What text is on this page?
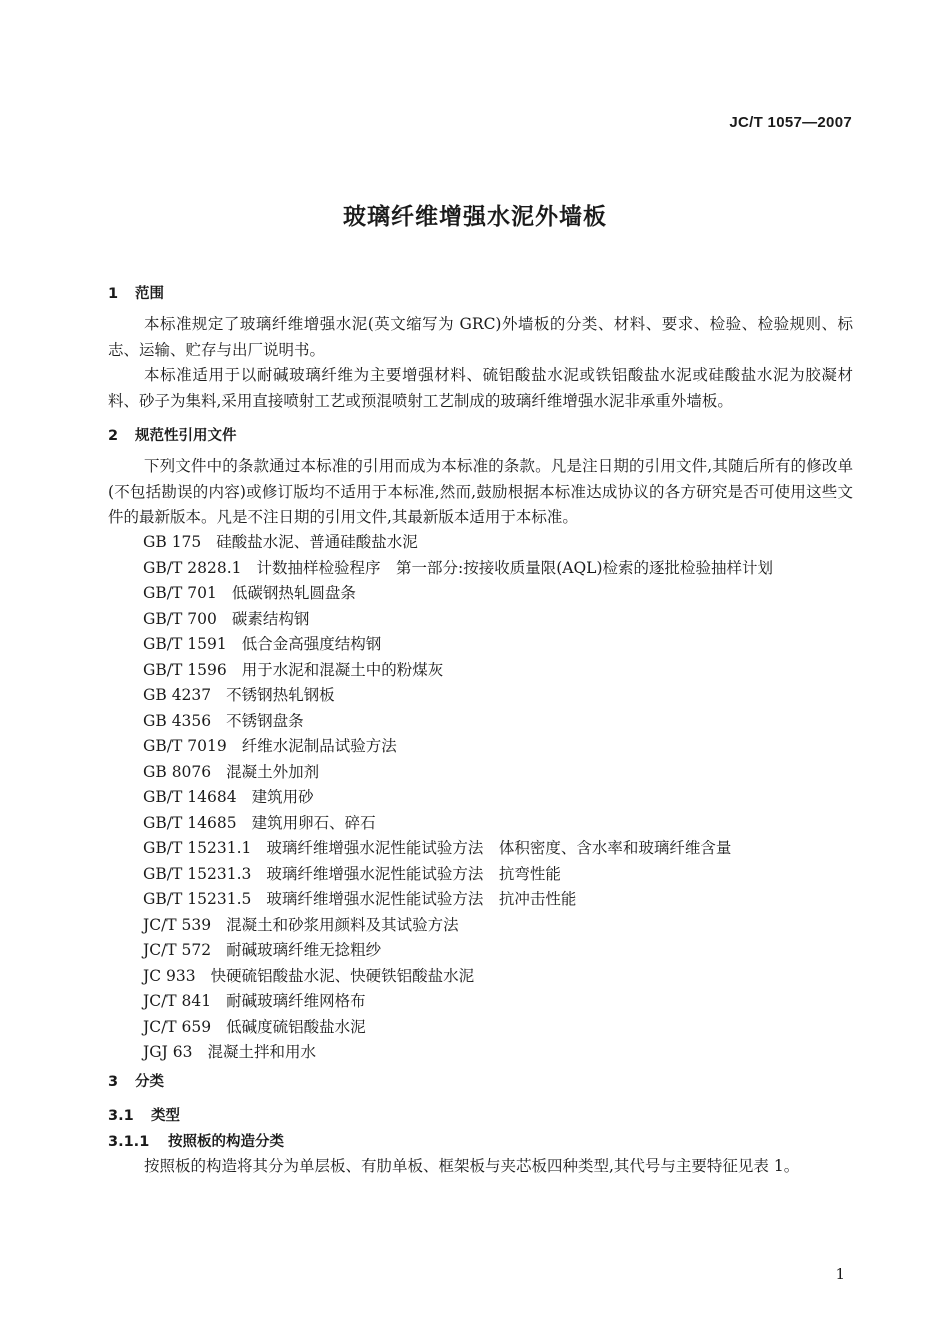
JC/T 1057—2007
玻璃纤维增强水泥外墙板
1 范围
本标准规定了玻璃纤维增强水泥(英文缩写为 GRC)外墙板的分类、材料、要求、检验、检验规则、标志、运输、贮存与出厂说明书。
本标准适用于以耐碱玻璃纤维为主要增强材料、硫铝酸盐水泥或铁铝酸盐水泥或硅酸盐水泥为胶凝材料、砂子为集料,采用直接喷射工艺或预混喷射工艺制成的玻璃纤维增强水泥非承重外墙板。
2 规范性引用文件
下列文件中的条款通过本标准的引用而成为本标准的条款。凡是注日期的引用文件,其随后所有的修改单(不包括勘误的内容)或修订版均不适用于本标准,然而,鼓励根据本标准达成协议的各方研究是否可使用这些文件的最新版本。凡是不注日期的引用文件,其最新版本适用于本标准。
GB 175 硅酸盐水泥、普通硅酸盐水泥
GB/T 2828.1 计数抽样检验程序　第一部分:按接收质量限(AQL)检索的逐批检验抽样计划
GB/T 701 低碳钢热轧圆盘条
GB/T 700 碳素结构钢
GB/T 1591 低合金高强度结构钢
GB/T 1596 用于水泥和混凝土中的粉煤灰
GB 4237 不锈钢热轧钢板
GB 4356 不锈钢盘条
GB/T 7019 纤维水泥制品试验方法
GB 8076 混凝土外加剂
GB/T 14684 建筑用砂
GB/T 14685 建筑用卵石、碎石
GB/T 15231.1 玻璃纤维增强水泥性能试验方法　体积密度、含水率和玻璃纤维含量
GB/T 15231.3 玻璃纤维增强水泥性能试验方法　抗弯性能
GB/T 15231.5 玻璃纤维增强水泥性能试验方法　抗冲击性能
JC/T 539 混凝土和砂浆用颜料及其试验方法
JC/T 572 耐碱玻璃纤维无捻粗纱
JC 933 快硬硫铝酸盐水泥、快硬铁铝酸盐水泥
JC/T 841 耐碱玻璃纤维网格布
JC/T 659 低碱度硫铝酸盐水泥
JGJ 63 混凝土拌和用水
3 分类
3.1 类型
3.1.1 按照板的构造分类
按照板的构造将其分为单层板、有肋单板、框架板与夹芯板四种类型,其代号与主要特征见表 1。
1
